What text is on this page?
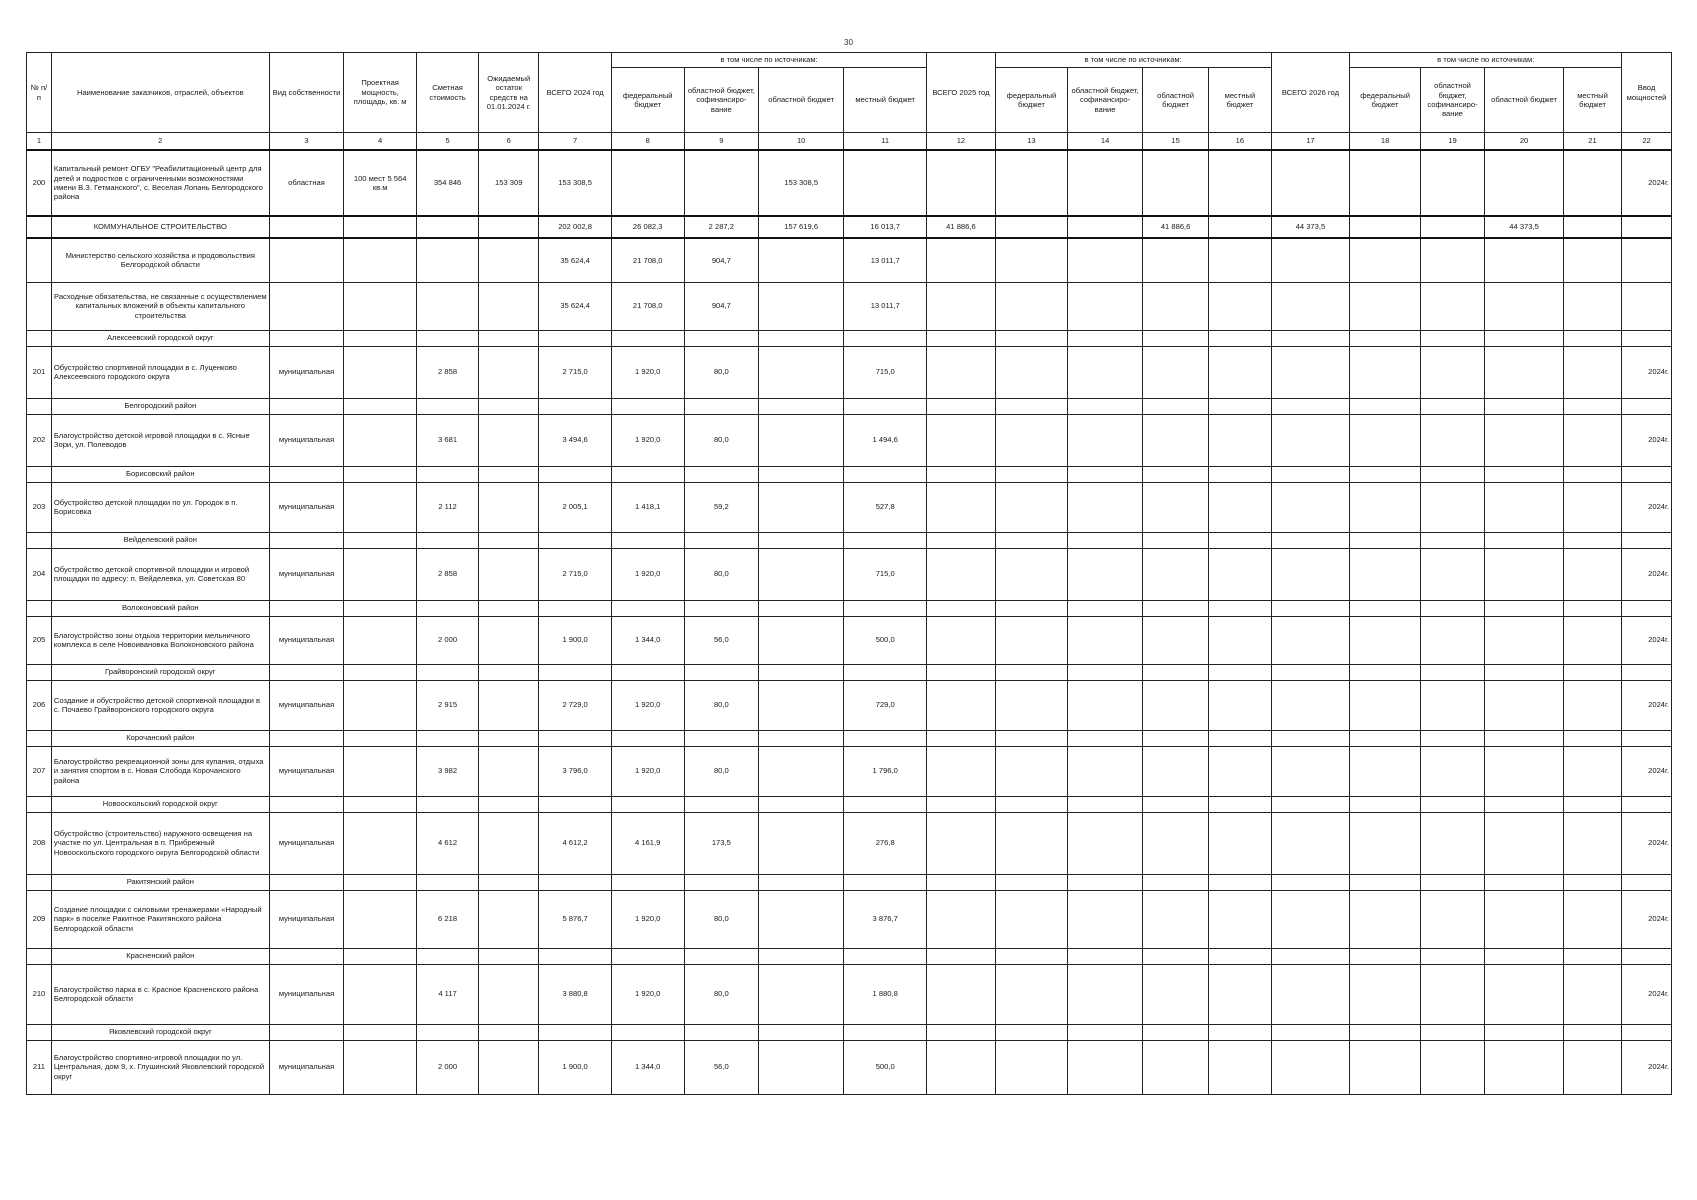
30
№ п/п	Наименование заказчиков, отраслей, объектов	Вид собственности	Проектная мощность, площадь, кв. м	Сметная стоимость	Ожидаемый остаток средств на 01.01.2024 г.	ВСЕГО 2024 год	в том числе по источникам:				ВСЕГО 2025 год	в том числе по источникам:				ВСЕГО 2026 год	в том числе по источникам:				Ввод мощностей
							федеральный бюджет	областной бюджет, софинансиро-вание	областной бюджет	местный бюджет		федеральный бюджет	областной бюджет, софинансиро-вание	областной бюджет	местный бюджет		федеральный бюджет	областной бюджет, софинансиро-вание	областной бюджет	местный бюджет	
1	2	3	4	5	6	7	8	9	10	11	12	13	14	15	16	17	18	19	20	21	22
200	Капитальный ремонт ОГБУ "Реабилитационный центр для детей и подростков с ограниченными возможностями имени В.З. Гетманского", с. Веселая Лопань Белгородского района	областная	100 мест 5 564 кв.м	354 846	153 309	153 308,5			153 308,5												2024г.
	КОММУНАЛЬНОЕ СТРОИТЕЛЬСТВО					202 002,8	26 082,3	2 287,2	157 619,6	16 013,7	41 886,6			41 886,6		44 373,5			44 373,5		
	Министерство сельского хозяйства и продовольствия Белгородской области					35 624,4	21 708,0	904,7		13 011,7											
	Расходные обязательства, не связанные с осуществлением капитальных вложений в объекты капитального строительства					35 624,4	21 708,0	904,7		13 011,7											
	Алексеевский городской округ																				
201	Обустройство спортивной площадки в с. Луценково Алексеевского городского округа	муниципальная		2 858		2 715,0	1 920,0	80,0		715,0											2024г.
	Белгородский район																				
202	Благоустройство детской игровой площадки в с. Ясные Зори, ул. Полеводов	муниципальная		3 681		3 494,6	1 920,0	80,0		1 494,6											2024г.
	Борисовский район																				
203	Обустройство детской площадки по ул. Городок в п. Борисовка	муниципальная		2 112		2 005,1	1 418,1	59,2		527,8											2024г.
	Вейделевский район																				
204	Обустройство детской спортивной площадки и игровой площадки по адресу: п. Вейделевка, ул. Советская 80	муниципальная		2 858		2 715,0	1 920,0	80,0		715,0											2024г.
	Волоконовский район																				
205	Благоустройство зоны отдыха территории мельничного комплекса в селе Новоивановка Волоконовского района	муниципальная		2 000		1 900,0	1 344,0	56,0		500,0											2024г.
	Грайворонский городской округ																				
206	Создание и обустройство детской спортивной площадки в с. Почаево Грайворонского городского округа	муниципальная		2 915		2 729,0	1 920,0	80,0		729,0											2024г.
	Корочанский район																				
207	Благоустройство рекреационной зоны для купания, отдыха и занятия спортом в с. Новая Слобода Корочанского района	муниципальная		3 982		3 796,0	1 920,0	80,0		1 796,0											2024г.
	Новооскольский городской округ																				
208	Обустройство (строительство) наружного освещения на участке по ул. Центральная в п. Прибрежный Новооскольского городского округа Белгородской области	муниципальная		4 612		4 612,2	4 161,9	173,5		276,8											2024г.
	Ракитянский район																				
209	Создание площадки с силовыми тренажерами «Народный парк» в поселке Ракитное Ракитянского района Белгородской области	муниципальная		6 218		5 876,7	1 920,0	80,0		3 876,7											2024г.
	Красненский район																				
210	Благоустройство парка в с. Красное Красненского района Белгородской области	муниципальная		4 117		3 880,8	1 920,0	80,0		1 880,8											2024г.
	Яковлевский городской округ																				
211	Благоустройство спортивно-игровой площадки по ул. Центральная, дом 9, х. Глушинский Яковлевский городской округ	муниципальная		2 000		1 900,0	1 344,0	56,0		500,0											2024г.
